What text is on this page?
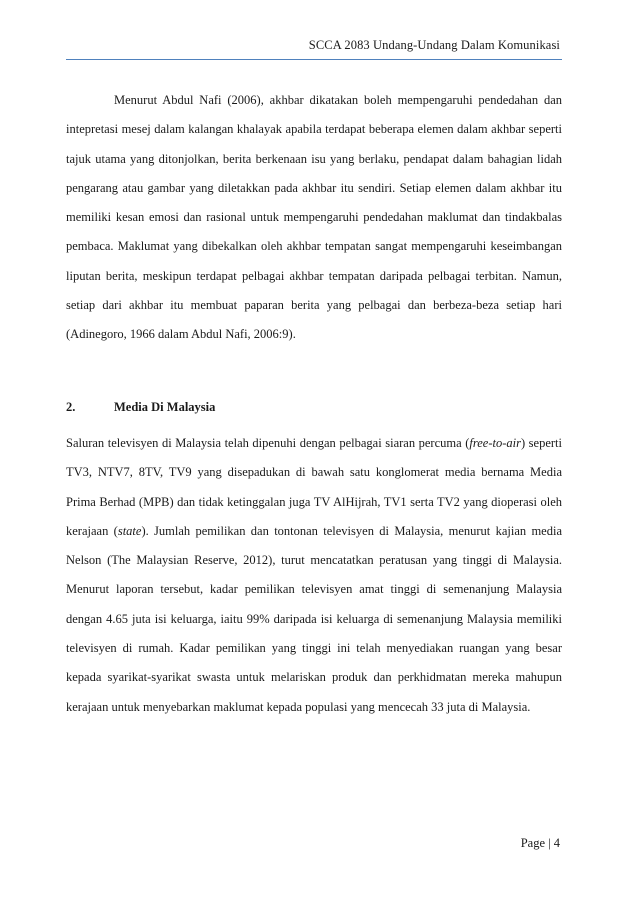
SCCA 2083 Undang-Undang Dalam Komunikasi

Menurut Abdul Nafi (2006), akhbar dikatakan boleh mempengaruhi pendedahan dan intepretasi mesej dalam kalangan khalayak apabila terdapat beberapa elemen dalam akhbar seperti tajuk utama yang ditonjolkan, berita berkenaan isu yang berlaku, pendapat dalam bahagian lidah pengarang atau gambar yang diletakkan pada akhbar itu sendiri. Setiap elemen dalam akhbar itu memiliki kesan emosi dan rasional untuk mempengaruhi pendedahan maklumat dan tindakbalas pembaca. Maklumat yang dibekalkan oleh akhbar tempatan sangat mempengaruhi keseimbangan liputan berita, meskipun terdapat pelbagai akhbar tempatan daripada pelbagai terbitan. Namun, setiap dari akhbar itu membuat paparan berita yang pelbagai dan berbeza-beza setiap hari (Adinegoro, 1966 dalam Abdul Nafi, 2006:9).

2.	Media Di Malaysia

Saluran televisyen di Malaysia telah dipenuhi dengan pelbagai siaran percuma (free-to-air) seperti TV3, NTV7, 8TV, TV9 yang disepadukan di bawah satu konglomerat media bernama Media Prima Berhad (MPB) dan tidak ketinggalan juga TV AlHijrah, TV1 serta TV2 yang dioperasi oleh kerajaan (state). Jumlah pemilikan dan tontonan televisyen di Malaysia, menurut kajian media Nelson (The Malaysian Reserve, 2012), turut mencatatkan peratusan yang tinggi di Malaysia. Menurut laporan tersebut, kadar pemilikan televisyen amat tinggi di semenanjung Malaysia dengan 4.65 juta isi keluarga, iaitu 99% daripada isi keluarga di semenanjung Malaysia memiliki televisyen di rumah. Kadar pemilikan yang tinggi ini telah menyediakan ruangan yang besar kepada syarikat-syarikat swasta untuk melariskan produk dan perkhidmatan mereka mahupun kerajaan untuk menyebarkan maklumat kepada populasi yang mencecah 33 juta di Malaysia.

Page | 4
